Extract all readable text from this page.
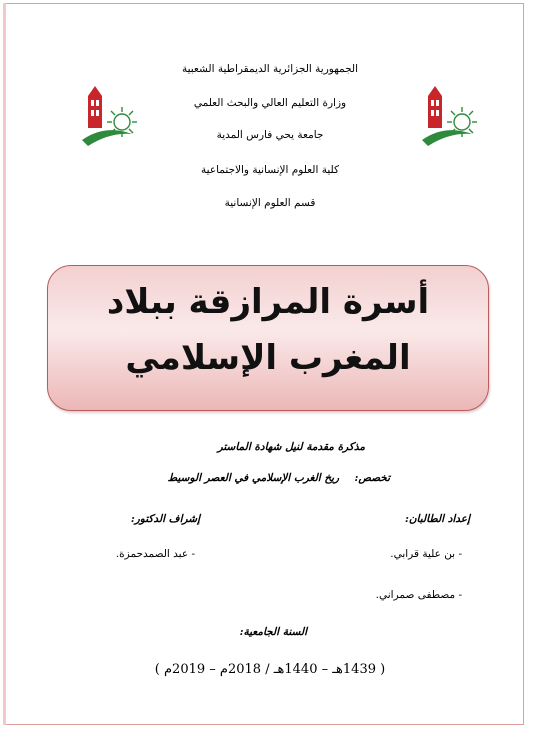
الجمهورية الجزائرية الديمقراطية الشعبية
وزارة التعليم العالي والبحث العلمي
جامعة يحي فارس المدية
كلية العلوم الإنسانية والاجتماعية
قسم العلوم الإنسانية
أسرة المرازقة ببلاد
المغرب الإسلامي
مذكرة مقدمة لنيل شهادة الماستر
تخصص:  ريخ الغرب الإسلامي في العصر الوسيط
إعداد الطالبان:
إشراف الدكتور:
- بن علية قرابي.
- عبد الصمدحمزة.
- مصطفى صمراني.
السنة الجامعية:
( 1439هـ – 1440هـ / 2018م – 2019م )
